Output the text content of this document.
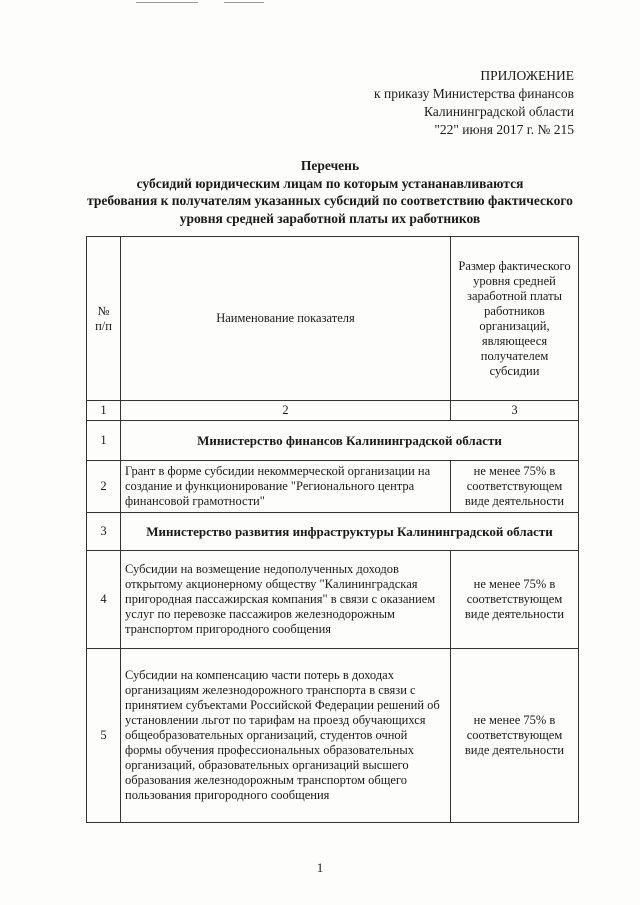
ПРИЛОЖЕНИЕ
к приказу Министерства финансов
Калининградской области
"22" июня 2017 г. № 215
Перечень
субсидий юридическим лицам по которым устананавливаются
требования к получателям указанных субсидий по соответствию фактического
уровня средней заработной платы их работников
№ п/п	Наименование показателя	Размер фактического уровня средней заработной платы работников организаций, являющееся получателем субсидии
1	2	3
1	Министерство финансов Калининградской области	
2	Грант в форме субсидии некоммерческой организации на создание и функционирование "Регионального центра финансовой грамотности"	не менее 75% в соответствующем виде деятельности
3	Министерство развития инфраструктуры Калининградской области	
4	Субсидии на возмещение недополученных доходов открытому акционерному обществу "Калининградская пригородная пассажирская компания" в связи с оказанием услуг по перевозке пассажиров железнодорожным транспортом пригородного сообщения	не менее 75% в соответствующем виде деятельности
5	Субсидии на компенсацию части потерь в доходах организациям железнодорожного транспорта в связи с принятием субъектами Российской Федерации решений об установлении льгот по тарифам на проезд обучающихся общеобразовательных организаций, студентов очной формы обучения профессиональных образовательных организаций, образовательных организаций высшего образования железнодорожным транспортом общего пользования пригородного сообщения	не менее 75% в соответствующем виде деятельности
1
